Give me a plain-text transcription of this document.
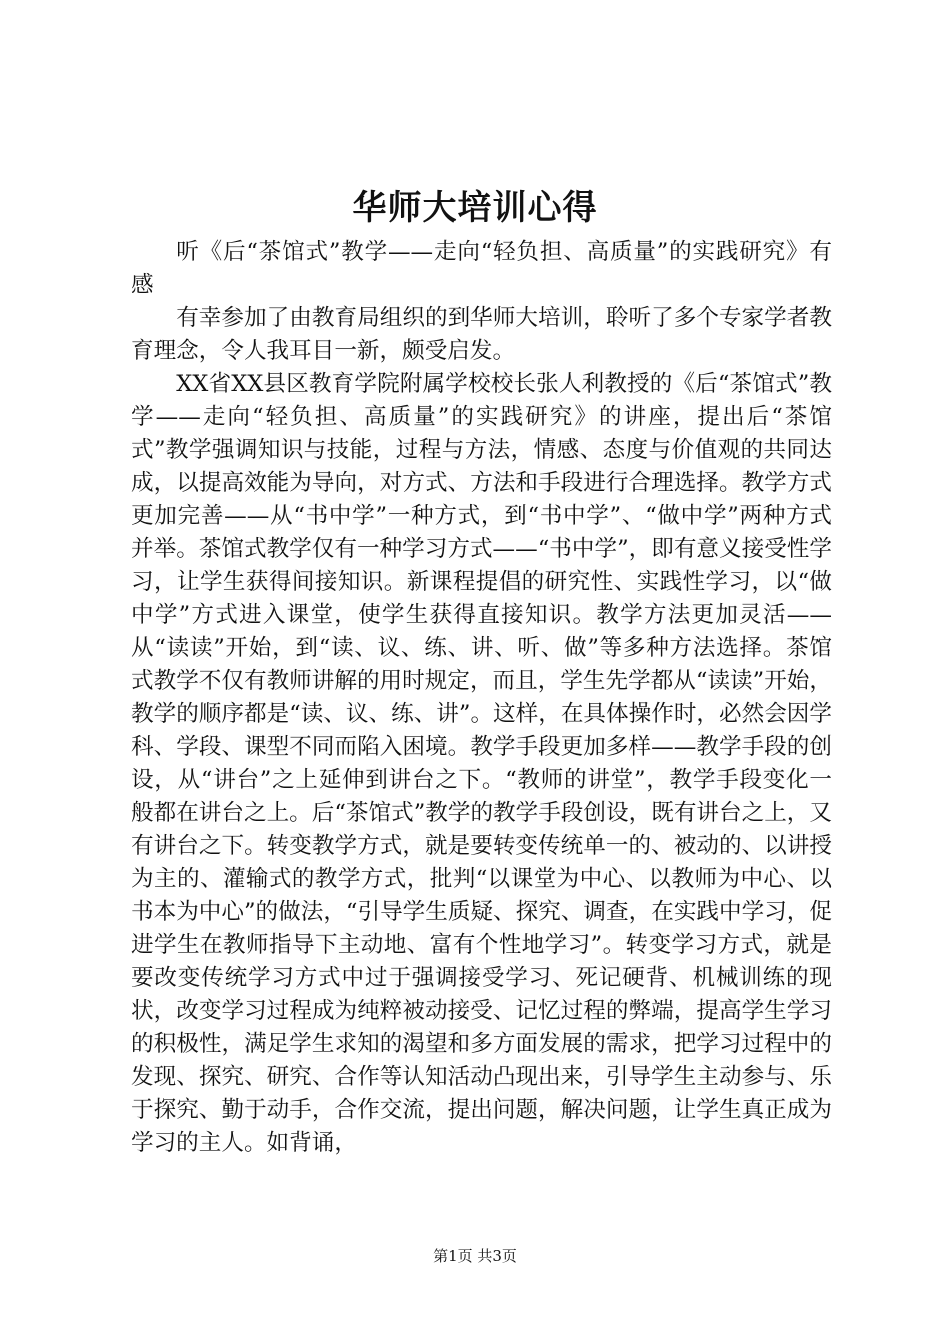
华师大培训心得

听《后“茶馆式”教学——走向“轻负担、高质量”的实践研究》有感

有幸参加了由教育局组织的到华师大培训，聆听了多个专家学者教育理念，令人我耳目一新，颇受启发。

XX省XX县区教育学院附属学校校长张人利教授的《后“茶馆式”教学——走向“轻负担、高质量”的实践研究》的讲座，提出后“茶馆式”教学强调知识与技能，过程与方法，情感、态度与价值观的共同达成，以提高效能为导向，对方式、方法和手段进行合理选择。教学方式更加完善——从“书中学”一种方式，到“书中学”、“做中学”两种方式并举。茶馆式教学仅有一种学习方式——“书中学”，即有意义接受性学习，让学生获得间接知识。新课程提倡的研究性、实践性学习，以“做中学”方式进入课堂，使学生获得直接知识。教学方法更加灵活——从“读读”开始，到“读、议、练、讲、听、做”等多种方法选择。茶馆式教学不仅有教师讲解的用时规定，而且，学生先学都从“读读”开始，教学的顺序都是“读、议、练、讲”。这样，在具体操作时，必然会因学科、学段、课型不同而陷入困境。教学手段更加多样——教学手段的创设，从“讲台”之上延伸到讲台之下。“教师的讲堂”，教学手段变化一般都在讲台之上。后“茶馆式”教学的教学手段创设，既有讲台之上，又有讲台之下。转变教学方式，就是要转变传统单一的、被动的、以讲授为主的、灌输式的教学方式，批判“以课堂为中心、以教师为中心、以书本为中心”的做法，“引导学生质疑、探究、调查，在实践中学习，促进学生在教师指导下主动地、富有个性地学习”。转变学习方式，就是要改变传统学习方式中过于强调接受学习、死记硬背、机械训练的现状，改变学习过程成为纯粹被动接受、记忆过程的弊端，提高学生学习的积极性，满足学生求知的渴望和多方面发展的需求，把学习过程中的发现、探究、研究、合作等认知活动凸现出来，引导学生主动参与、乐于探究、勤于动手，合作交流，提出问题，解决问题，让学生真正成为学习的主人。如背诵，

第1页 共3页
